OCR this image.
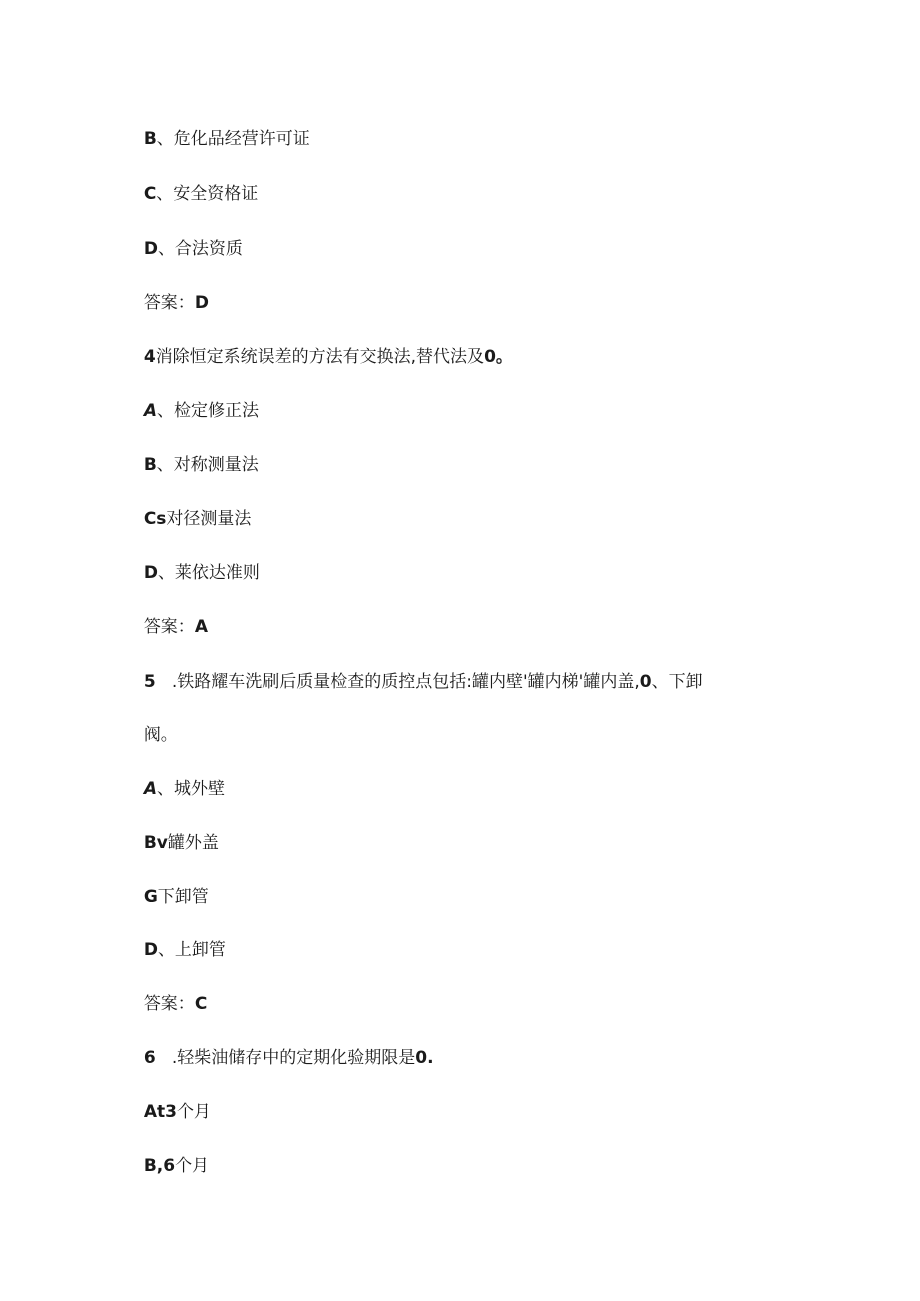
B、危化品经营许可证

C、安全资格证

D、合法资质

答案：D

4消除恒定系统误差的方法有交换法,替代法及0。

A、检定修正法

B、对称测量法

Cs对径测量法

D、莱依达准则

答案：A

5   .铁路耀车洗刷后质量检查的质控点包括:罐内壁'罐内梯'罐内盖,0、下卸

阀。

A、城外壁

Bv罐外盖

G下卸管

D、上卸管

答案：C

6   .轻柴油储存中的定期化验期限是0.

At3个月

B,6个月
